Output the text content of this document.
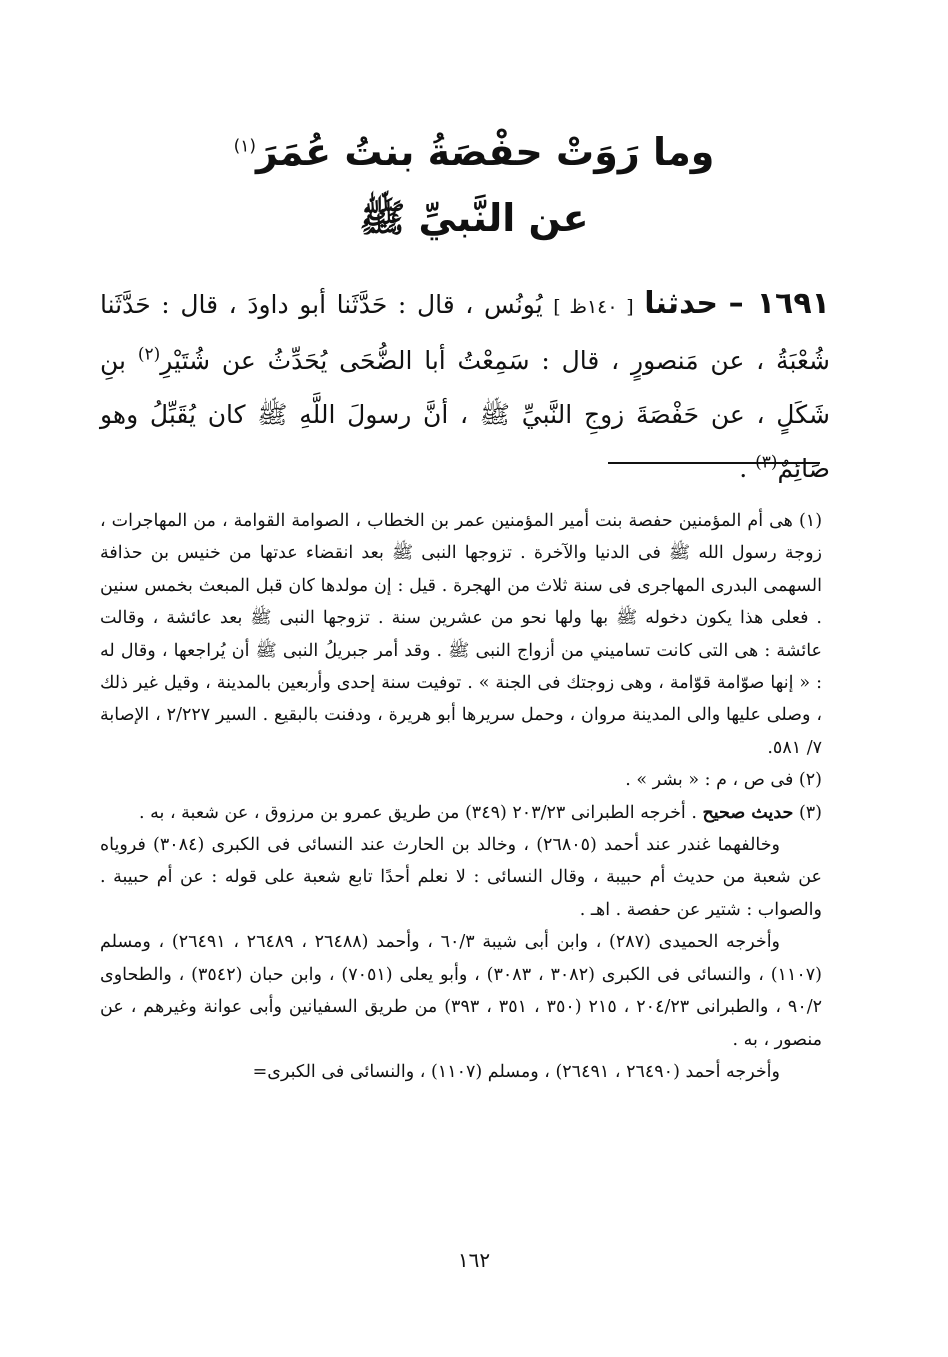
وما رَوَتْ حفْصَةُ بنتُ عُمَرَ$^{(١)}$
عن النَّبيِّ ﷺ
١٦٩١ – حدثنا [ ١٤٠ظ ] يُونُس ، قال : حَدَّثَنا أبو داودَ ، قال : حَدَّثَنا شُعْبَةُ ، عن مَنصورٍ ، قال : سَمِعْتُ أبا الضُّحَى يُحَدِّثُ عن شُتَيْرِ$^{(٢)}$ بنِ شَكَلٍ ، عن حَفْصَةَ زوجِ النَّبيِّ ﷺ ، أنَّ رسولَ اللَّهِ ﷺ كان يُقَبِّلُ وهو صَائِمٌ$^{(٣)}$ .

(١) هى أم المؤمنين حفصة بنت أمير المؤمنين عمر بن الخطاب ، الصوامة القوامة ، من المهاجرات ، زوجة رسول الله ﷺ فى الدنيا والآخرة . تزوجها النبى ﷺ بعد انقضاء عدتها من خنيس بن حذافة السهمى البدرى المهاجرى فى سنة ثلاث من الهجرة . قيل : إن مولدها كان قبل المبعث بخمس سنين . فعلى هذا يكون دخوله ﷺ بها ولها نحو من عشرين سنة . تزوجها النبى ﷺ بعد عائشة ، وقالت عائشة : هى التى كانت تساميني من أزواج النبى ﷺ . وقد أمر جبريلُ النبى ﷺ أن يُراجعها ، وقال له : « إنها صوّامة قوّامة ، وهى زوجتك فى الجنة » . توفيت سنة إحدى وأربعين بالمدينة ، وقيل غير ذلك ، وصلى عليها والى المدينة مروان ، وحمل سريرها أبو هريرة ، ودفنت بالبقيع . السير ٢/٢٢٧ ، الإصابة ٧/ ٥٨١.

(٢) فى ص ، م : « بشر » .

(٣) حديث صحيح . أخرجه الطبرانى ٢٠٣/٢٣ (٣٤٩) من طريق عمرو بن مرزوق ، عن شعبة ، به .

وخالفهما غندر عند أحمد (٢٦٨٠٥) ، وخالد بن الحارث عند النسائى فى الكبرى (٣٠٨٤) فروياه عن شعبة من حديث أم حبيبة ، وقال النسائى : لا نعلم أحدًا تابع شعبة على قوله : عن أم حبيبة . والصواب : شتير عن حفصة . اهـ .

وأخرجه الحميدى (٢٨٧) ، وابن أبى شيبة ٦٠/٣ ، وأحمد (٢٦٤٨٨ ، ٢٦٤٨٩ ، ٢٦٤٩١) ، ومسلم (١١٠٧) ، والنسائى فى الكبرى (٣٠٨٢ ، ٣٠٨٣) ، وأبو يعلى (٧٠٥١) ، وابن حبان (٣٥٤٢) ، والطحاوى ٩٠/٢ ، والطبرانى ٢٠٤/٢٣ ، ٢١٥ (٣٥٠ ، ٣٥١ ، ٣٩٣) من طريق السفيانين وأبى عوانة وغيرهم ، عن منصور ، به .

وأخرجه أحمد (٢٦٤٩٠ ، ٢٦٤٩١) ، ومسلم (١١٠٧) ، والنسائى فى الكبرى=

١٦٢
